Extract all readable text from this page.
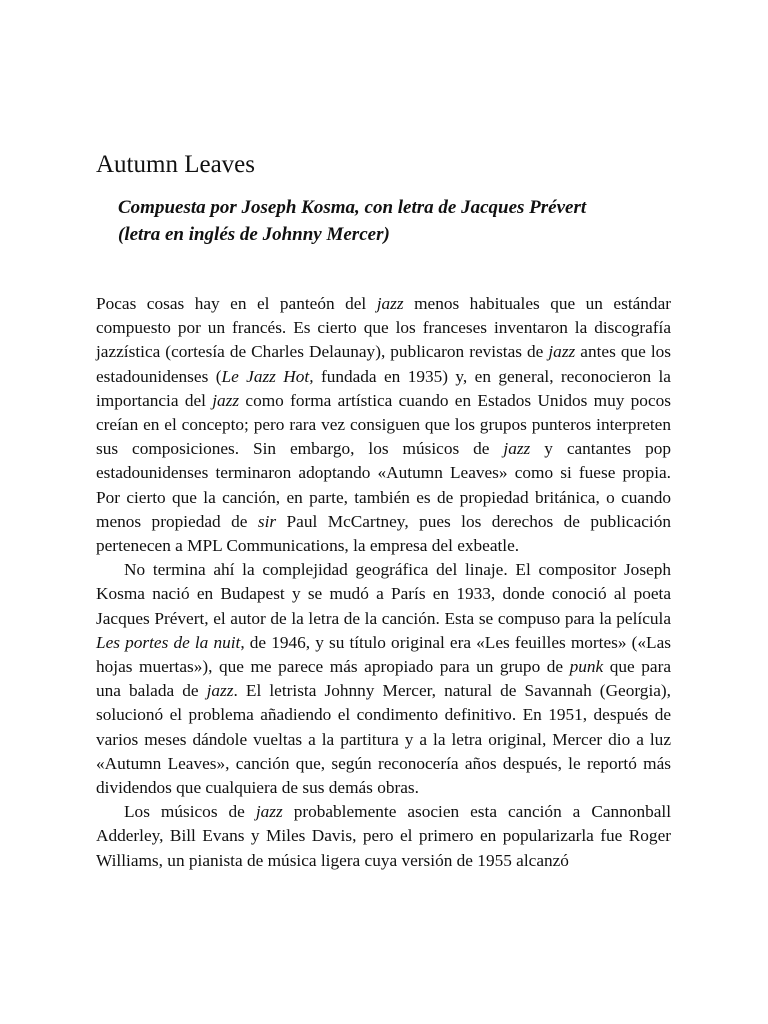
Autumn Leaves
Compuesta por Joseph Kosma, con letra de Jacques Prévert
(letra en inglés de Johnny Mercer)

Pocas cosas hay en el panteón del jazz menos habituales que un estándar compuesto por un francés. Es cierto que los franceses inventaron la discografía jazzística (cortesía de Charles Delaunay), publicaron revistas de jazz antes que los estadounidenses (Le Jazz Hot, fundada en 1935) y, en general, reconocieron la importancia del jazz como forma artística cuando en Estados Unidos muy pocos creían en el concepto; pero rara vez consiguen que los grupos punteros interpreten sus composiciones. Sin embargo, los músicos de jazz y cantantes pop estadounidenses terminaron adoptando «Autumn Leaves» como si fuese propia. Por cierto que la canción, en parte, también es de propiedad británica, o cuando menos propiedad de sir Paul McCartney, pues los derechos de publicación pertenecen a MPL Communications, la empresa del exbeatle.

No termina ahí la complejidad geográfica del linaje. El compositor Joseph Kosma nació en Budapest y se mudó a París en 1933, donde conoció al poeta Jacques Prévert, el autor de la letra de la canción. Esta se compuso para la película Les portes de la nuit, de 1946, y su título original era «Les feuilles mortes» («Las hojas muertas»), que me parece más apropiado para un grupo de punk que para una balada de jazz. El letrista Johnny Mercer, natural de Savannah (Georgia), solucionó el problema añadiendo el condimento definitivo. En 1951, después de varios meses dándole vueltas a la partitura y a la letra original, Mercer dio a luz «Autumn Leaves», canción que, según reconocería años después, le reportó más dividendos que cualquiera de sus demás obras.

Los músicos de jazz probablemente asocien esta canción a Cannonball Adderley, Bill Evans y Miles Davis, pero el primero en popularizarla fue Roger Williams, un pianista de música ligera cuya versión de 1955 alcanzó
